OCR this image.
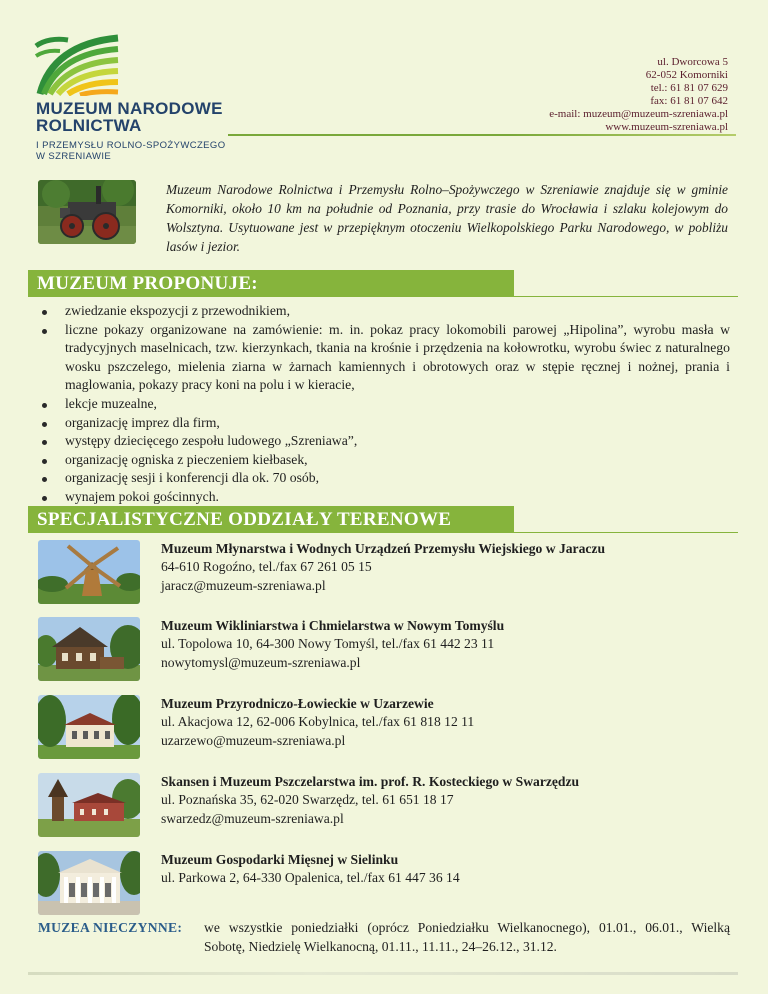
MUZEUM NARODOWE
ROLNICTWA
I PRZEMYSŁU ROLNO-SPOŻYWCZEGO
W SZRENIAWIE
ul. Dworcowa 5
62-052 Komorniki
tel.: 61 81 07 629
fax: 61 81 07 642
e-mail: muzeum@muzeum-szreniawa.pl
www.muzeum-szreniawa.pl
Muzeum Narodowe Rolnictwa i Przemysłu Rolno–Spożywczego w Szreniawie znajduje się w gminie Komorniki, około 10 km na południe od Poznania, przy trasie do Wrocławia i szlaku kolejowym do Wolsztyna. Usytuowane jest w przepięknym otoczeniu Wielkopolskiego Parku Narodowego, w pobliżu lasów i jezior.
MUZEUM PROPONUJE:
zwiedzanie ekspozycji z przewodnikiem,
liczne pokazy organizowane na zamówienie: m. in. pokaz pracy lokomobili parowej „Hipolina”, wyrobu masła w tradycyjnych maselnicach, tzw. kierzynkach, tkania na krośnie i przędzenia na kołowrotku, wyrobu świec z naturalnego wosku pszczelego, mielenia ziarna w żarnach kamiennych i obrotowych oraz w stępie ręcznej i nożnej, prania i maglowania, pokazy pracy koni na polu i w kieracie,
lekcje muzealne,
organizację imprez dla firm,
występy dziecięcego zespołu ludowego „Szreniawa”,
organizację ogniska z pieczeniem kiełbasek,
organizację sesji i konferencji dla ok. 70 osób,
wynajem pokoi gościnnych.
SPECJALISTYCZNE ODDZIAŁY TERENOWE
Muzeum Młynarstwa i Wodnych Urządzeń Przemysłu Wiejskiego w Jaraczu
64-610 Rogoźno, tel./fax 67 261 05 15
jaracz@muzeum-szreniawa.pl
Muzeum Wikliniarstwa i Chmielarstwa w Nowym Tomyślu
ul. Topolowa 10, 64-300 Nowy Tomyśl, tel./fax 61 442 23 11
nowytomysl@muzeum-szreniawa.pl
Muzeum Przyrodniczo-Łowieckie w Uzarzewie
ul. Akacjowa 12, 62-006 Kobylnica, tel./fax 61 818 12 11
uzarzewo@muzeum-szreniawa.pl
Skansen i Muzeum Pszczelarstwa im. prof. R. Kosteckiego w Swarzędzu
ul. Poznańska 35, 62-020 Swarzędz, tel. 61 651 18 17
swarzedz@muzeum-szreniawa.pl
Muzeum Gospodarki Mięsnej w Sielinku
ul. Parkowa 2, 64-330 Opalenica, tel./fax 61 447 36 14
MUZEA NIECZYNNE: we wszystkie poniedziałki (oprócz Poniedziałku Wielkanocnego), 01.01., 06.01., Wielką Sobotę, Niedzielę Wielkanocną, 01.11., 11.11., 24–26.12., 31.12.
